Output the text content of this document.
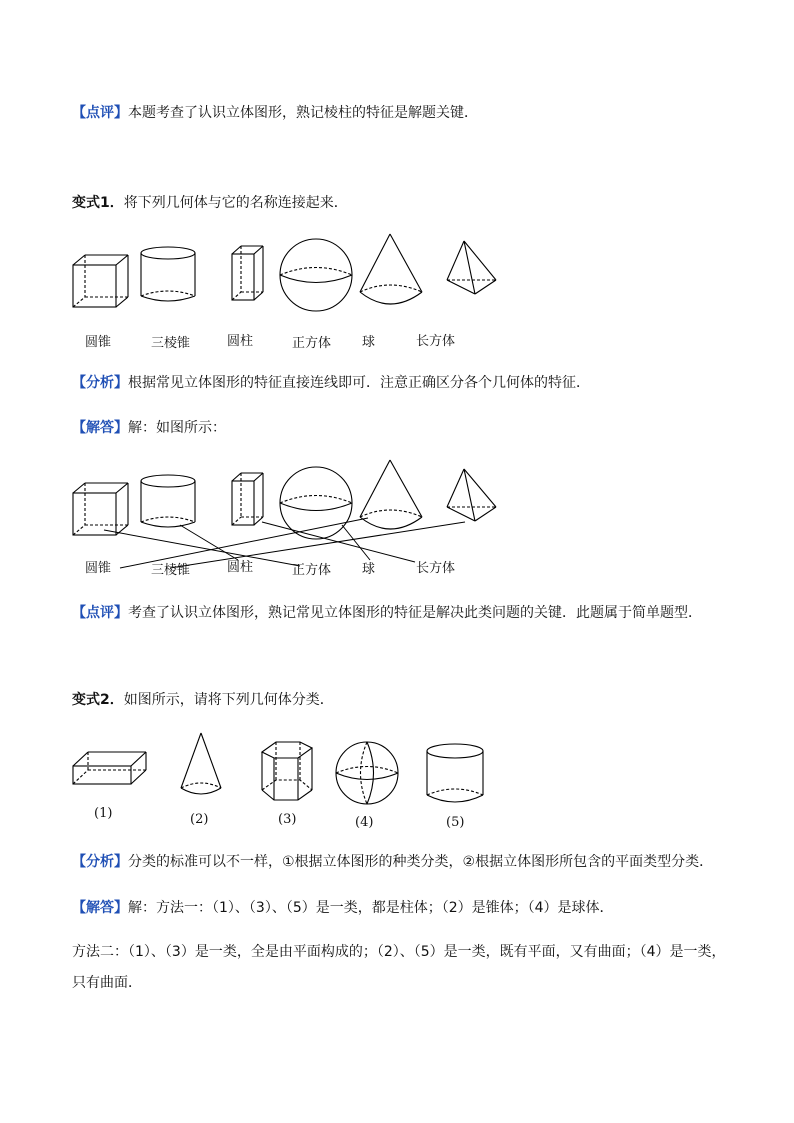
【点评】本题考查了认识立体图形，熟记棱柱的特征是解题关键．
变式1．将下列几何体与它的名称连接起来．
圆锥	三棱锥	圆柱	正方体 球	长方体
【分析】根据常见立体图形的特征直接连线即可．注意正确区分各个几何体的特征．
【解答】解：如图所示：
圆锥	三棱锥	圆柱	正方体 球	长方体
【点评】考查了认识立体图形，熟记常见立体图形的特征是解决此类问题的关键．此题属于简单题型．
变式2．如图所示，请将下列几何体分类．
(1)	(2)	(3)	(4)	(5)
【分析】分类的标准可以不一样，①根据立体图形的种类分类，②根据立体图形所包含的平面类型分类．
【解答】解：方法一：（1）、（3）、（5）是一类，都是柱体；（2）是锥体；（4）是球体．
方法二：（1）、（3）是一类，全是由平面构成的；（2）、（5）是一类，既有平面，又有曲面；（4）是一类，
只有曲面．
